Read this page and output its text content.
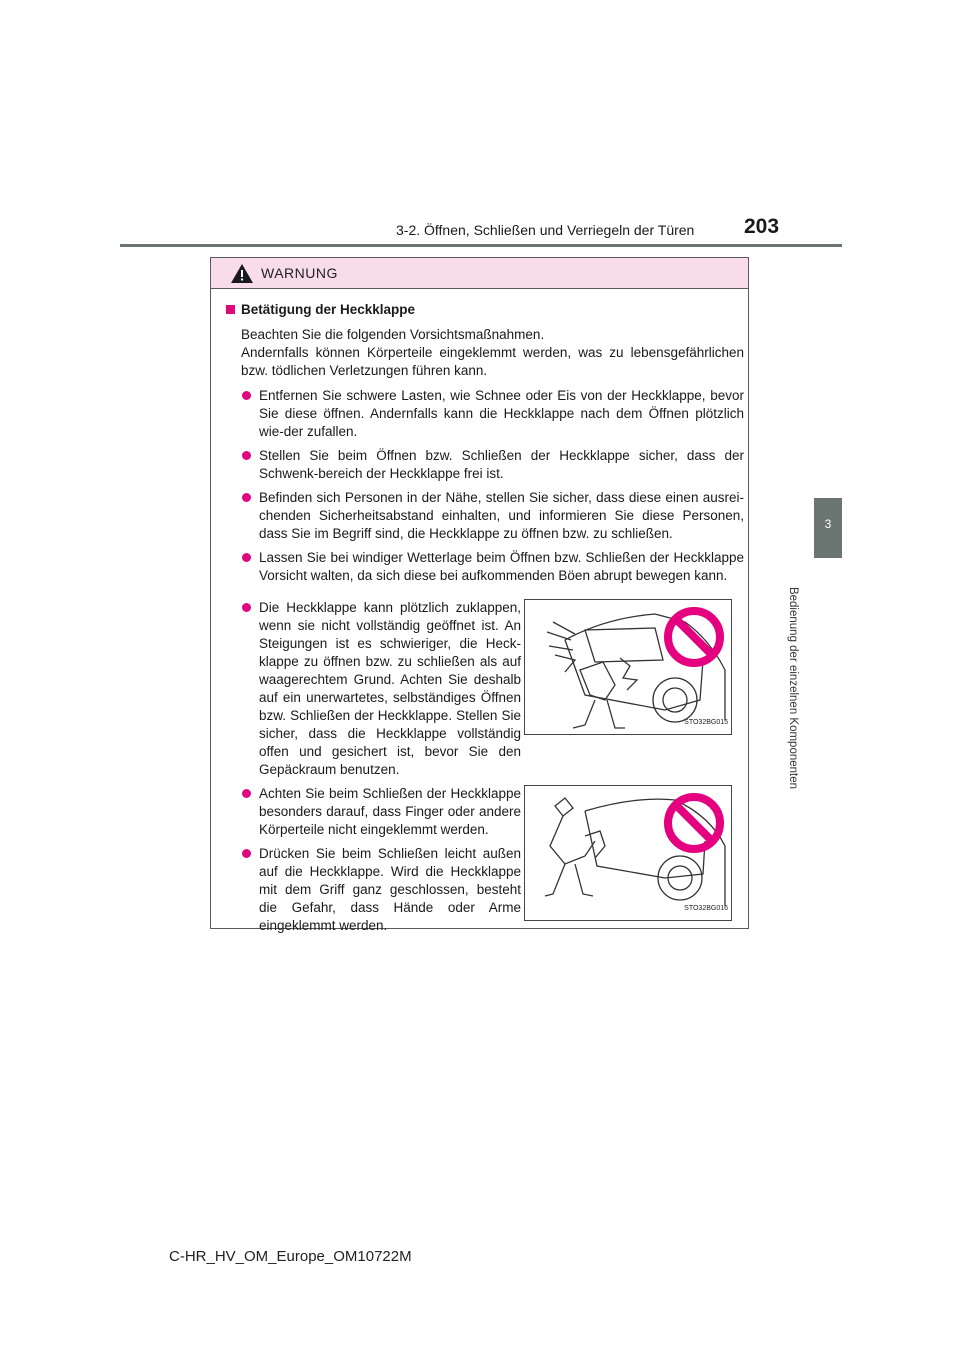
3-2. Öffnen, Schließen und Verriegeln der Türen 203
3
Bedienung der einzelnen Komponenten
WARNUNG
Betätigung der Heckklappe
Beachten Sie die folgenden Vorsichtsmaßnahmen.
Andernfalls können Körperteile eingeklemmt werden, was zu lebensgefährlichen bzw. tödlichen Verletzungen führen kann.
Entfernen Sie schwere Lasten, wie Schnee oder Eis von der Heckklappe, bevor Sie diese öffnen. Andernfalls kann die Heckklappe nach dem Öffnen plötzlich wie-der zufallen.
Stellen Sie beim Öffnen bzw. Schließen der Heckklappe sicher, dass der Schwenk-bereich der Heckklappe frei ist.
Befinden sich Personen in der Nähe, stellen Sie sicher, dass diese einen ausrei-chenden Sicherheitsabstand einhalten, und informieren Sie diese Personen, dass Sie im Begriff sind, die Heckklappe zu öffnen bzw. zu schließen.
Lassen Sie bei windiger Wetterlage beim Öffnen bzw. Schließen der Heckklappe Vorsicht walten, da sich diese bei aufkommenden Böen abrupt bewegen kann.
Die Heckklappe kann plötzlich zuklappen, wenn sie nicht vollständig geöffnet ist. An Steigungen ist es schwieriger, die Heck-klappe zu öffnen bzw. zu schließen als auf waagerechtem Grund. Achten Sie deshalb auf ein unerwartetes, selbständiges Öffnen bzw. Schließen der Heckklappe. Stellen Sie sicher, dass die Heckklappe vollständig offen und gesichert ist, bevor Sie den Gepäckraum benutzen.
STO32BG015
Achten Sie beim Schließen der Heckklappe besonders darauf, dass Finger oder andere Körperteile nicht eingeklemmt werden.
Drücken Sie beim Schließen leicht außen auf die Heckklappe. Wird die Heckklappe mit dem Griff ganz geschlossen, besteht die Gefahr, dass Hände oder Arme eingeklemmt werden.
STO32BG016
C-HR_HV_OM_Europe_OM10722M
